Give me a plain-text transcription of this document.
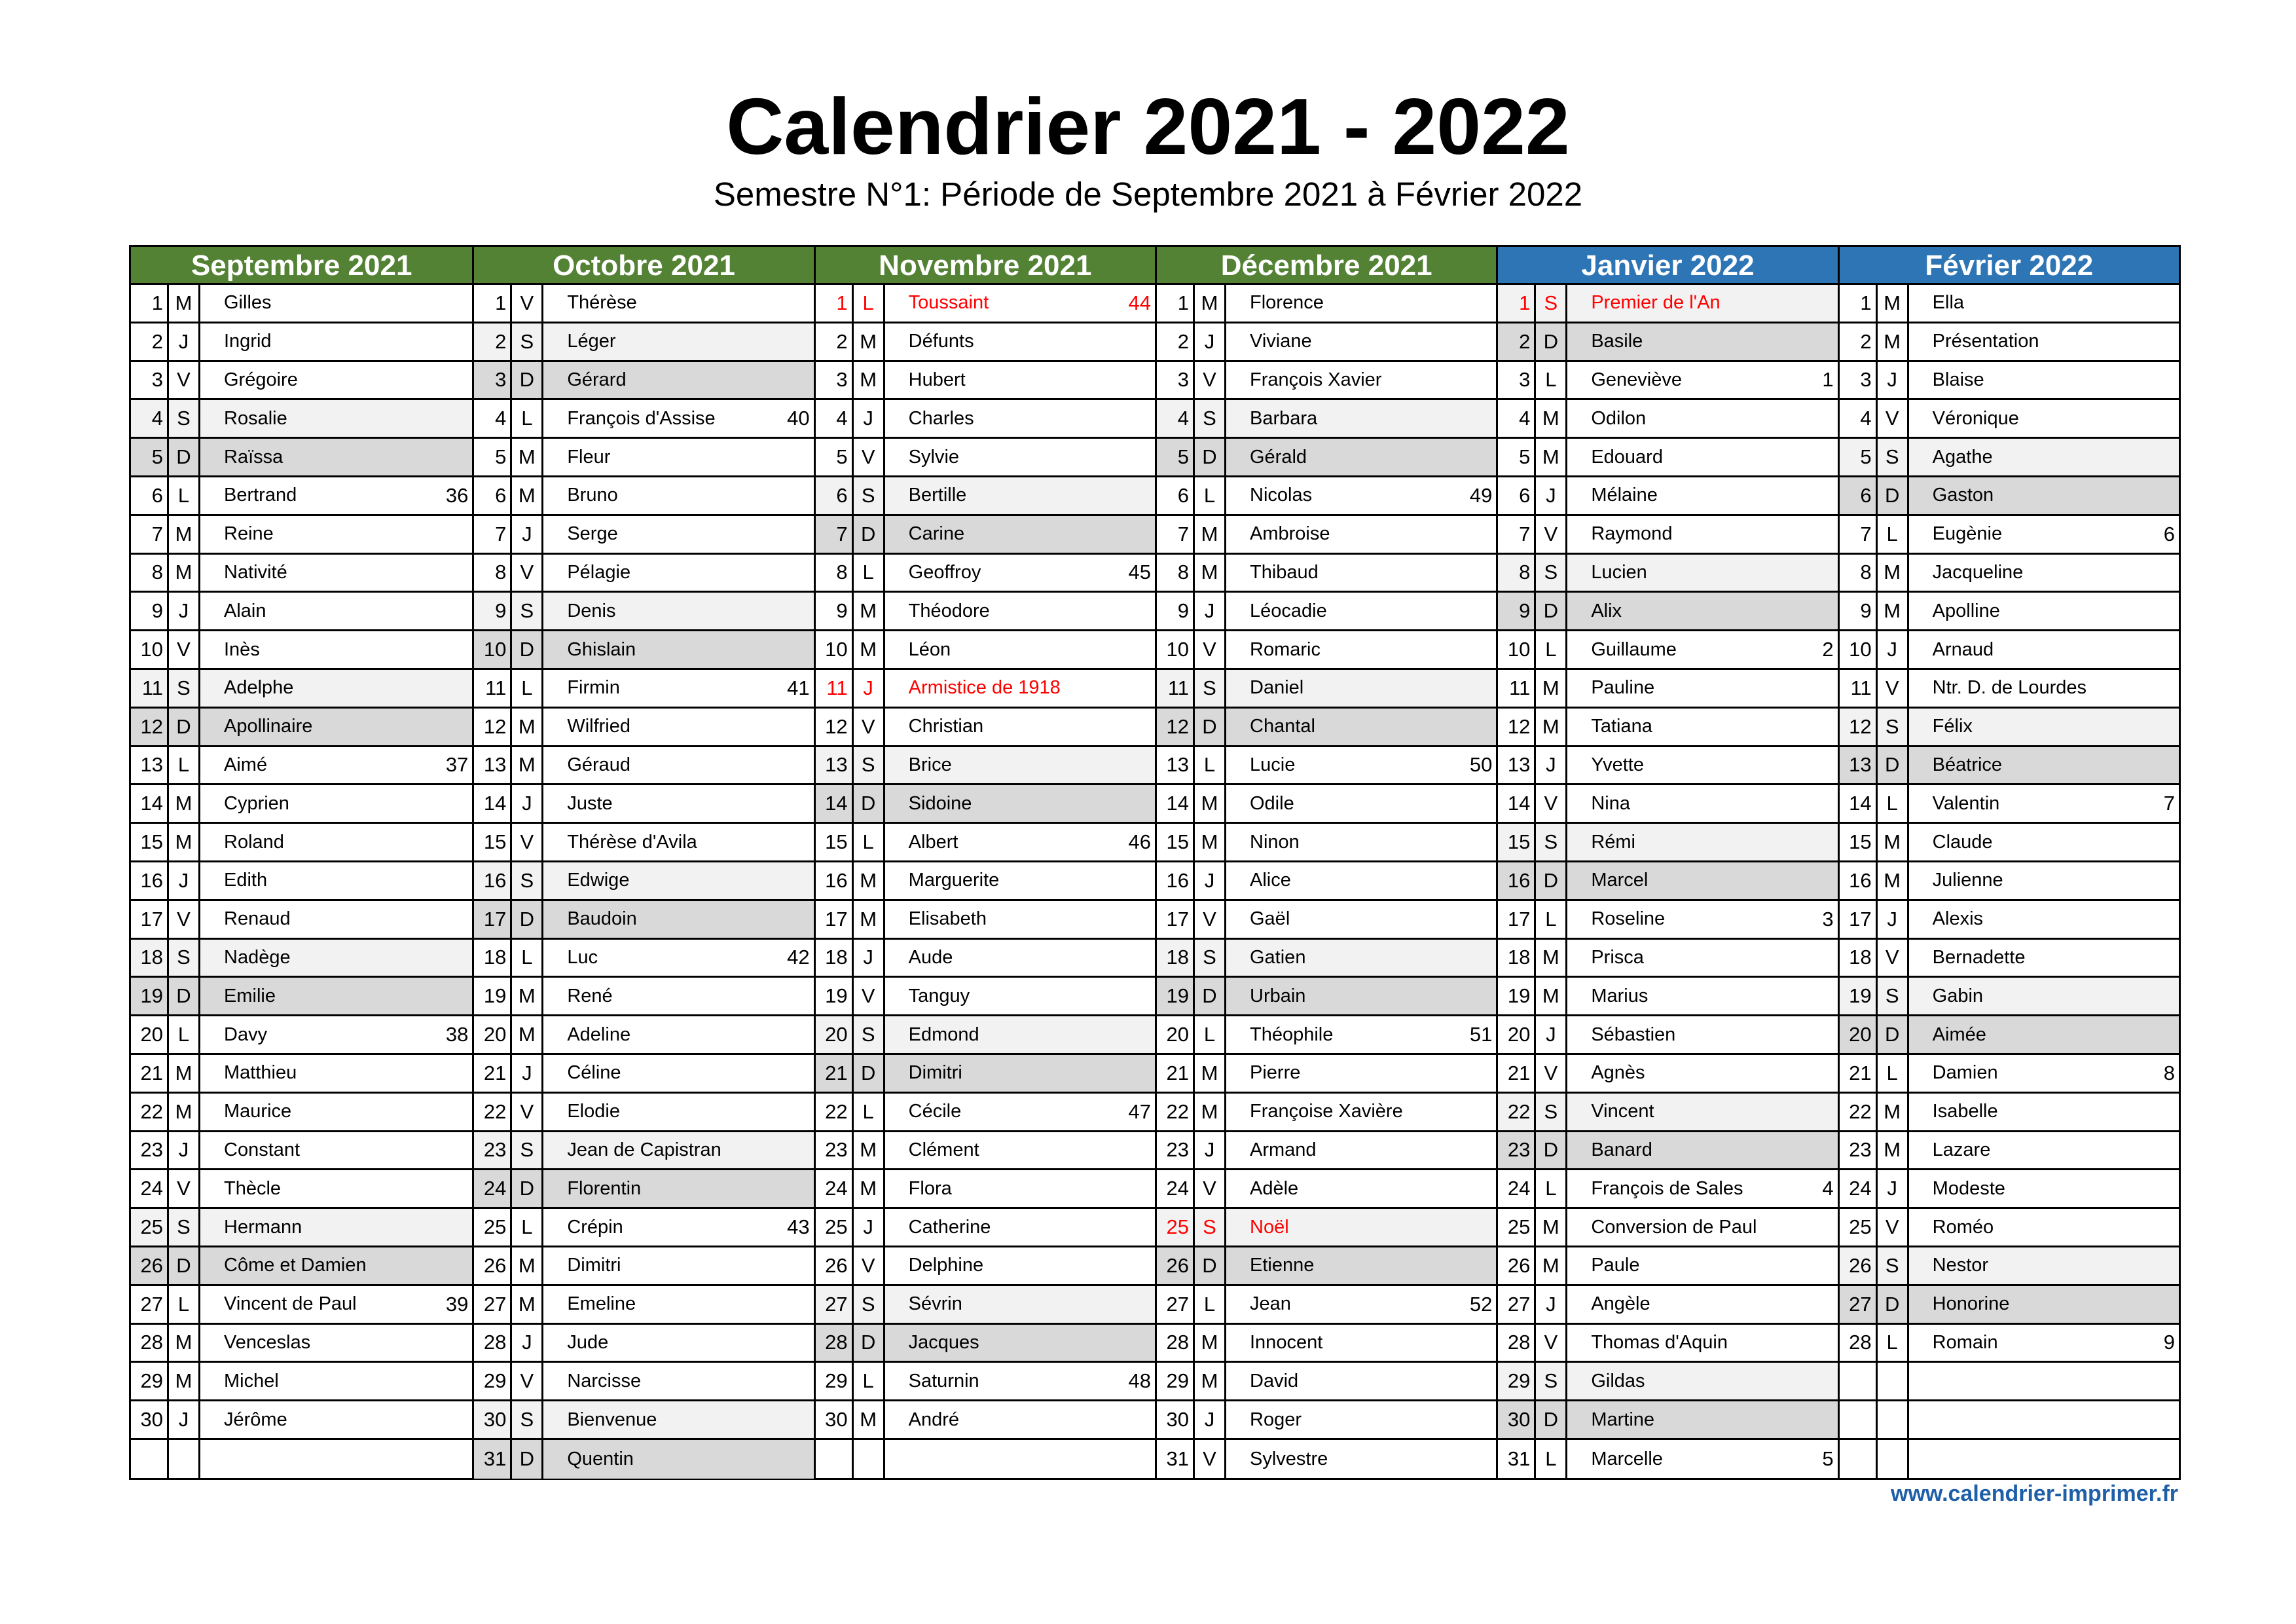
Calendrier 2021 - 2022
Semestre N°1: Période de Septembre 2021 à Février 2022
Septembre 2021
1 M	Gilles
2 J	Ingrid
3 V	Grégoire
4 S	Rosalie
5 D	Raïssa
6 L	Bertrand	36
7 M	Reine
8 M	Nativité
9 J	Alain
10 V	Inès
11 S	Adelphe
12 D	Apollinaire
13 L	Aimé	37
14 M	Cyprien
15 M	Roland
16 J	Edith
17 V	Renaud
18 S	Nadège
19 D	Emilie
20 L	Davy	38
21 M	Matthieu
22 M	Maurice
23 J	Constant
24 V	Thècle
25 S	Hermann
26 D	Côme et Damien
27 L	Vincent de Paul	39
28 M	Venceslas
29 M	Michel
30 J	Jérôme
Octobre 2021
1 V	Thérèse
2 S	Léger
3 D	Gérard
4 L	François d'Assise	40
5 M	Fleur
6 M	Bruno
7 J	Serge
8 V	Pélagie
9 S	Denis
10 D	Ghislain
11 L	Firmin	41
12 M	Wilfried
13 M	Géraud
14 J	Juste
15 V	Thérèse d'Avila
16 S	Edwige
17 D	Baudoin
18 L	Luc	42
19 M	René
20 M	Adeline
21 J	Céline
22 V	Elodie
23 S	Jean de Capistran
24 D	Florentin
25 L	Crépin	43
26 M	Dimitri
27 M	Emeline
28 J	Jude
29 V	Narcisse
30 S	Bienvenue
31 D	Quentin
Novembre 2021
1 L	Toussaint	44
2 M	Défunts
3 M	Hubert
4 J	Charles
5 V	Sylvie
6 S	Bertille
7 D	Carine
8 L	Geoffroy	45
9 M	Théodore
10 M	Léon
11 J	Armistice de 1918
12 V	Christian
13 S	Brice
14 D	Sidoine
15 L	Albert	46
16 M	Marguerite
17 M	Elisabeth
18 J	Aude
19 V	Tanguy
20 S	Edmond
21 D	Dimitri
22 L	Cécile	47
23 M	Clément
24 M	Flora
25 J	Catherine
26 V	Delphine
27 S	Sévrin
28 D	Jacques
29 L	Saturnin	48
30 M	André
Décembre 2021
1 M	Florence
2 J	Viviane
3 V	François Xavier
4 S	Barbara
5 D	Gérald
6 L	Nicolas	49
7 M	Ambroise
8 M	Thibaud
9 J	Léocadie
10 V	Romaric
11 S	Daniel
12 D	Chantal
13 L	Lucie	50
14 M	Odile
15 M	Ninon
16 J	Alice
17 V	Gaël
18 S	Gatien
19 D	Urbain
20 L	Théophile	51
21 M	Pierre
22 M	Françoise Xavière
23 J	Armand
24 V	Adèle
25 S	Noël
26 D	Etienne
27 L	Jean	52
28 M	Innocent
29 M	David
30 J	Roger
31 V	Sylvestre
Janvier 2022
1 S	Premier de l'An
2 D	Basile
3 L	Geneviève	1
4 M	Odilon
5 M	Edouard
6 J	Mélaine
7 V	Raymond
8 S	Lucien
9 D	Alix
10 L	Guillaume	2
11 M	Pauline
12 M	Tatiana
13 J	Yvette
14 V	Nina
15 S	Rémi
16 D	Marcel
17 L	Roseline	3
18 M	Prisca
19 M	Marius
20 J	Sébastien
21 V	Agnès
22 S	Vincent
23 D	Banard
24 L	François de Sales	4
25 M	Conversion de Paul
26 M	Paule
27 J	Angèle
28 V	Thomas d'Aquin
29 S	Gildas
30 D	Martine
31 L	Marcelle	5
Février 2022
1 M	Ella
2 M	Présentation
3 J	Blaise
4 V	Véronique
5 S	Agathe
6 D	Gaston
7 L	Eugènie	6
8 M	Jacqueline
9 M	Apolline
10 J	Arnaud
11 V	Ntr. D. de Lourdes
12 S	Félix
13 D	Béatrice
14 L	Valentin	7
15 M	Claude
16 M	Julienne
17 J	Alexis
18 V	Bernadette
19 S	Gabin
20 D	Aimée
21 L	Damien	8
22 M	Isabelle
23 M	Lazare
24 J	Modeste
25 V	Roméo
26 S	Nestor
27 D	Honorine
28 L	Romain	9
www.calendrier-imprimer.fr
